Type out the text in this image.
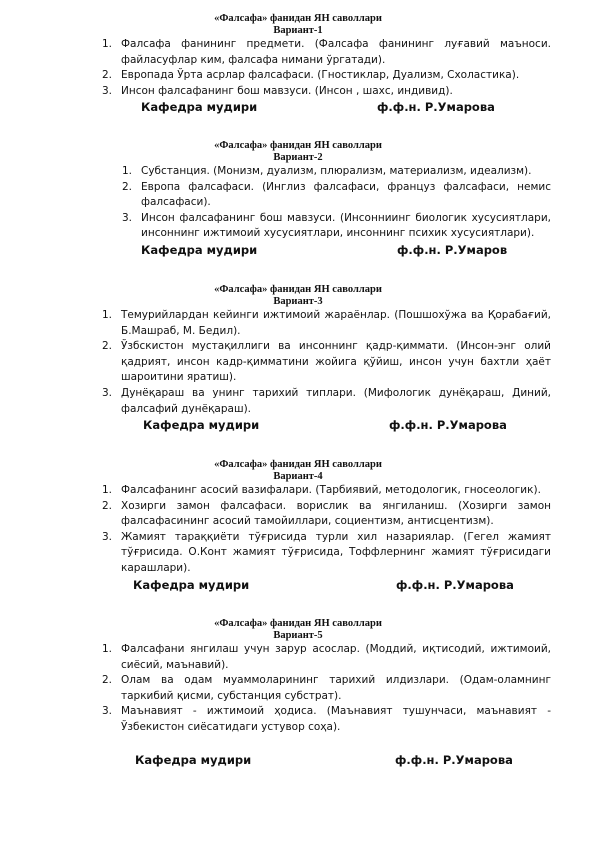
«Фалсафа» фанидан ЯН саволлари

Вариант-1

1. Фалсафа фанининг предмети. (Фалсафа фанининг луғавий маъноси. файласуфлар ким, фалсафа нимани ўргатади).
2. Европада Ўрта асрлар фалсафаси. (Гностиклар, Дуализм, Схоластика).
3. Инсон фалсафанинг бош мавзуси. (Инсон , шахс, индивид).
Кафедра мудири	ф.ф.н. Р.Умарова

«Фалсафа» фанидан ЯН саволлари

Вариант-2

1. Субстанция. (Монизм, дуализм, плюрализм, материализм, идеализм).
2. Европа фалсафаси. (Инглиз фалсафаси, француз фалсафаси, немис фалсафаси).
3. Инсон фалсафанинг бош мавзуси. (Инсонниинг биологик хусусиятлари, инсоннинг ижтимоий хусусиятлари, инсоннинг психик хусусиятлари).
Кафедра мудири	ф.ф.н. Р.Умаров

«Фалсафа» фанидан ЯН саволлари

Вариант-3

1. Темурийлардан кейинги ижтимоий жараёнлар. (Пошшохўжа ва Қорабағий, Б.Машраб, М. Бедил).
2. Ўзбскистон мустақиллиги ва инсоннинг қадр-қиммати. (Инсон-энг олий қадрият, инсон кадр-қимматини жойига қўйиш, инсон учун бахтли ҳаёт шароитини яратиш).
3. Дунёқараш ва унинг тарихий типлари. (Мифологик дунёқараш, Диний, фалсафий дунёқараш).
Кафедра мудири	ф.ф.н. Р.Умарова

«Фалсафа» фанидан ЯН саволлари

Вариант-4

1. Фалсафанинг асосий вазифалари. (Тарбиявий, методологик, гносеологик).
2. Хозирги замон фалсафаси. ворислик ва янгиланиш. (Хозирги замон фалсафасининг асосий тамойиллари, социентизм, антисцентизм).
3. Жамият тараққиёти тўғрисида турли хил назариялар. (Гегел жамият тўғрисида. О.Конт жамият тўғрисида, Тоффлернинг жамият тўғрисидаги карашлари).
Кафедра мудири	ф.ф.н. Р.Умарова

«Фалсафа» фанидан ЯН саволлари

Вариант-5

1. Фалсафани янгилаш учун зарур асослар. (Моддий, иқтисодий, ижтимоий, сиёсий, маънавий).
2. Олам ва одам муаммоларининг тарихий илдизлари. (Одам-оламнинг таркибий қисми, субстанция субстрат).
3. Маънавият - ижтимоий ҳодиса. (Маънавият тушунчаси, маънавият - Ўзбекистон сиёсатидаги устувор соҳа).
Кафедра мудири	ф.ф.н. Р.Умарова
